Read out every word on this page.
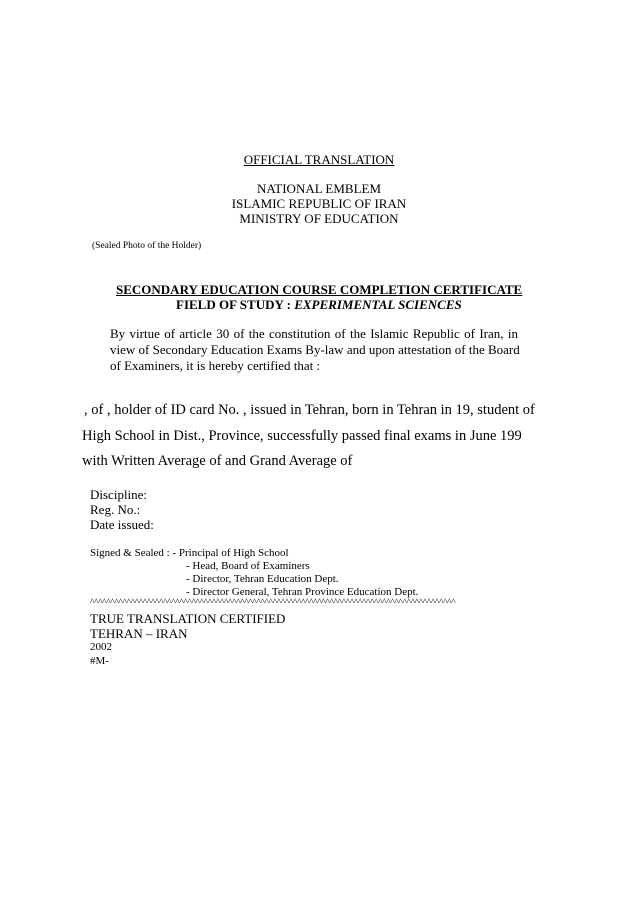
OFFICIAL TRANSLATION
NATIONAL EMBLEM
ISLAMIC REPUBLIC OF IRAN
MINISTRY OF EDUCATION
(Sealed Photo of the Holder)
SECONDARY EDUCATION COURSE COMPLETION CERTIFICATE
FIELD OF STUDY : EXPERIMENTAL SCIENCES
By virtue of article 30 of the constitution of the Islamic Republic of Iran, in
view of Secondary Education Exams By-law and upon attestation of the Board
of Examiners, it is hereby certified that :
, of , holder of ID card No. , issued in Tehran, born in Tehran in 19, student of
High School in Dist., Province, successfully passed final exams in June 199
with Written Average of and Grand Average of
Discipline:
Reg. No.:
Date issued:
Signed & Sealed : - Principal of High School
- Head, Board of Examiners
- Director, Tehran Education Dept.
- Director General, Tehran Province Education Dept.
^^^^^^^^^^^^^^^^^^^^^^^^^^^^^^^^^^^^^^^^^^^^^^^^^^^^^^^^^^^^^^^^^^^^^^^^^^^^^^^^^^^^^^^^^^
TRUE TRANSLATION CERTIFIED
TEHRAN – IRAN
2002
#M-
